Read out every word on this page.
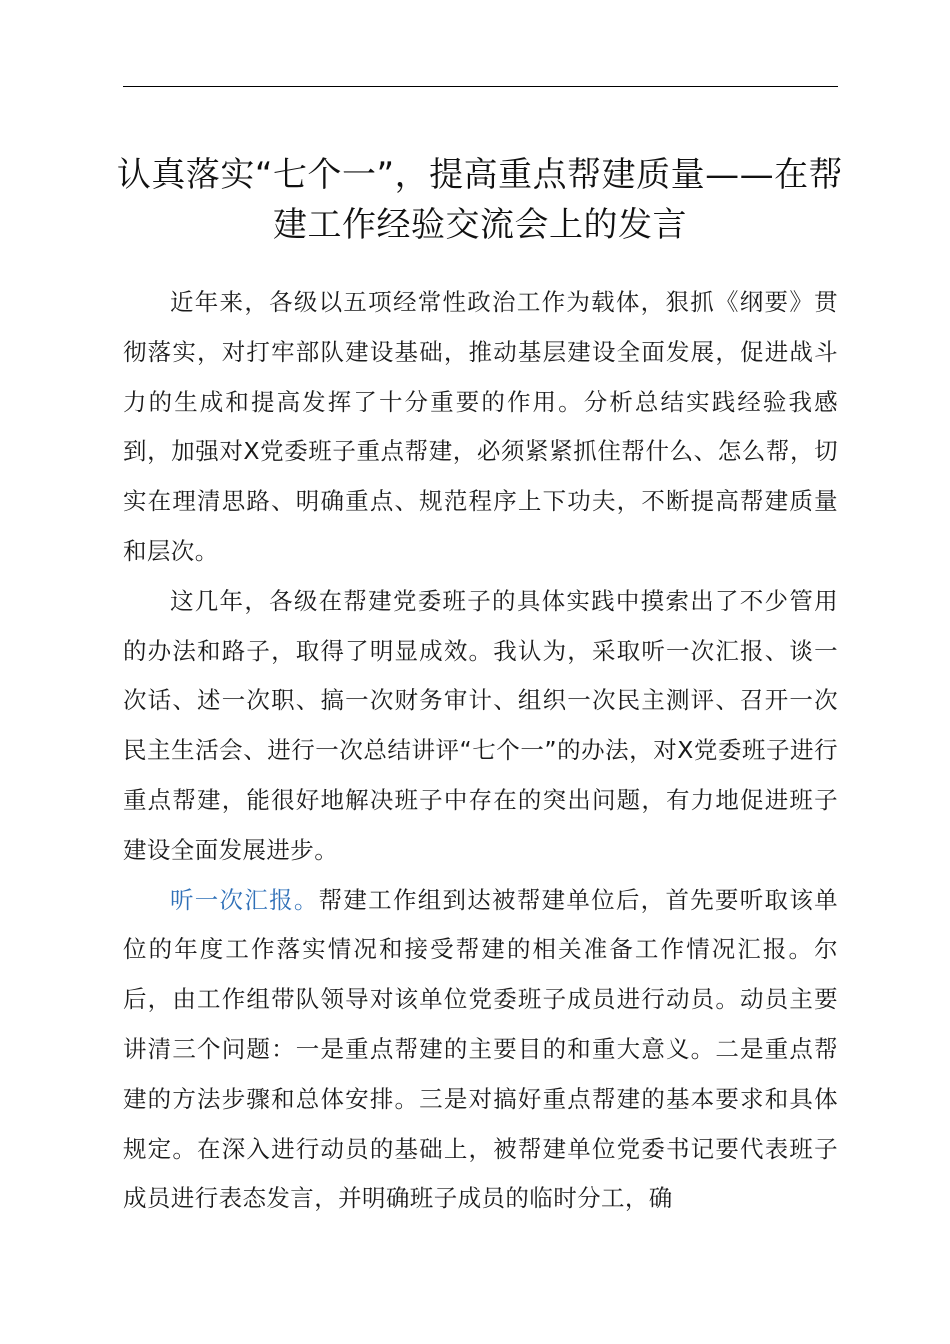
认真落实“七个一”，提高重点帮建质量——在帮建工作经验交流会上的发言

近年来，各级以五项经常性政治工作为载体，狠抓《纲要》贯彻落实，对打牢部队建设基础，推动基层建设全面发展，促进战斗力的生成和提高发挥了十分重要的作用。分析总结实践经验我感到，加强对X党委班子重点帮建，必须紧紧抓住帮什么、怎么帮，切实在理清思路、明确重点、规范程序上下功夫，不断提高帮建质量和层次。

这几年，各级在帮建党委班子的具体实践中摸索出了不少管用的办法和路子，取得了明显成效。我认为，采取听一次汇报、谈一次话、述一次职、搞一次财务审计、组织一次民主测评、召开一次民主生活会、进行一次总结讲评“七个一”的办法，对X党委班子进行重点帮建，能很好地解决班子中存在的突出问题，有力地促进班子建设全面发展进步。

听一次汇报。帮建工作组到达被帮建单位后，首先要听取该单位的年度工作落实情况和接受帮建的相关准备工作情况汇报。尔后，由工作组带队领导对该单位党委班子成员进行动员。动员主要讲清三个问题：一是重点帮建的主要目的和重大意义。二是重点帮建的方法步骤和总体安排。三是对搞好重点帮建的基本要求和具体规定。在深入进行动员的基础上，被帮建单位党委书记要代表班子成员进行表态发言，并明确班子成员的临时分工，确
